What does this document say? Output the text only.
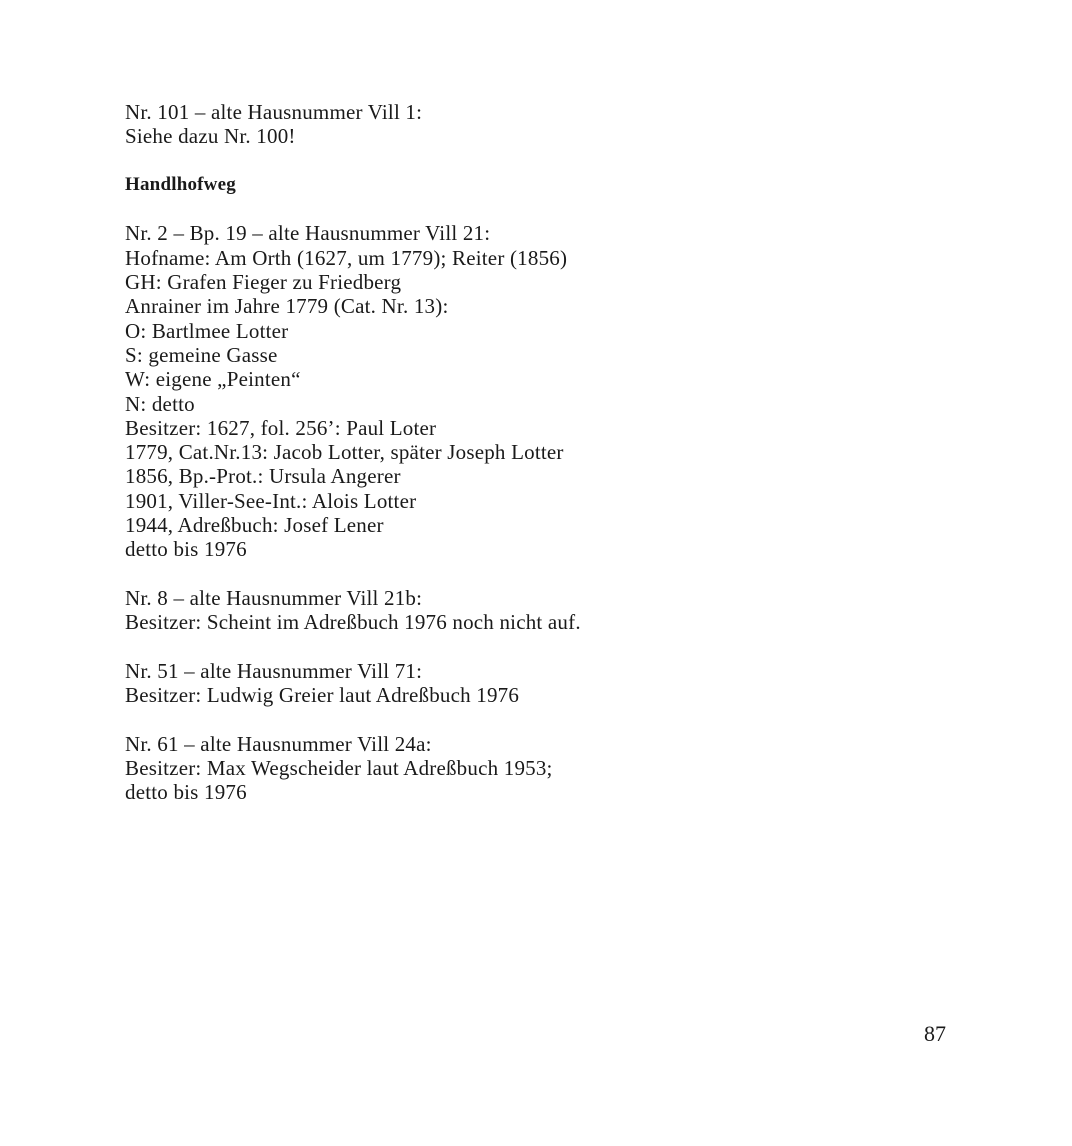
Nr. 101 – alte Hausnummer Vill 1:
Siehe dazu Nr. 100!
Handlhofweg
Nr. 2 – Bp. 19 – alte Hausnummer Vill 21:
Hofname: Am Orth (1627, um 1779); Reiter (1856)
GH: Grafen Fieger zu Friedberg
Anrainer im Jahre 1779 (Cat. Nr. 13):
O: Bartlmee Lotter
S: gemeine Gasse
W: eigene „Peinten“
N: detto
Besitzer: 1627, fol. 256’: Paul Loter
1779, Cat.Nr.13: Jacob Lotter, später Joseph Lotter
1856, Bp.-Prot.: Ursula Angerer
1901, Viller-See-Int.: Alois Lotter
1944, Adreßbuch: Josef Lener
detto bis 1976
Nr. 8 – alte Hausnummer Vill 21b:
Besitzer: Scheint im Adreßbuch 1976 noch nicht auf.
Nr. 51 – alte Hausnummer Vill 71:
Besitzer: Ludwig Greier laut Adreßbuch 1976
Nr. 61 – alte Hausnummer Vill 24a:
Besitzer: Max Wegscheider laut Adreßbuch 1953;
detto bis 1976
87
